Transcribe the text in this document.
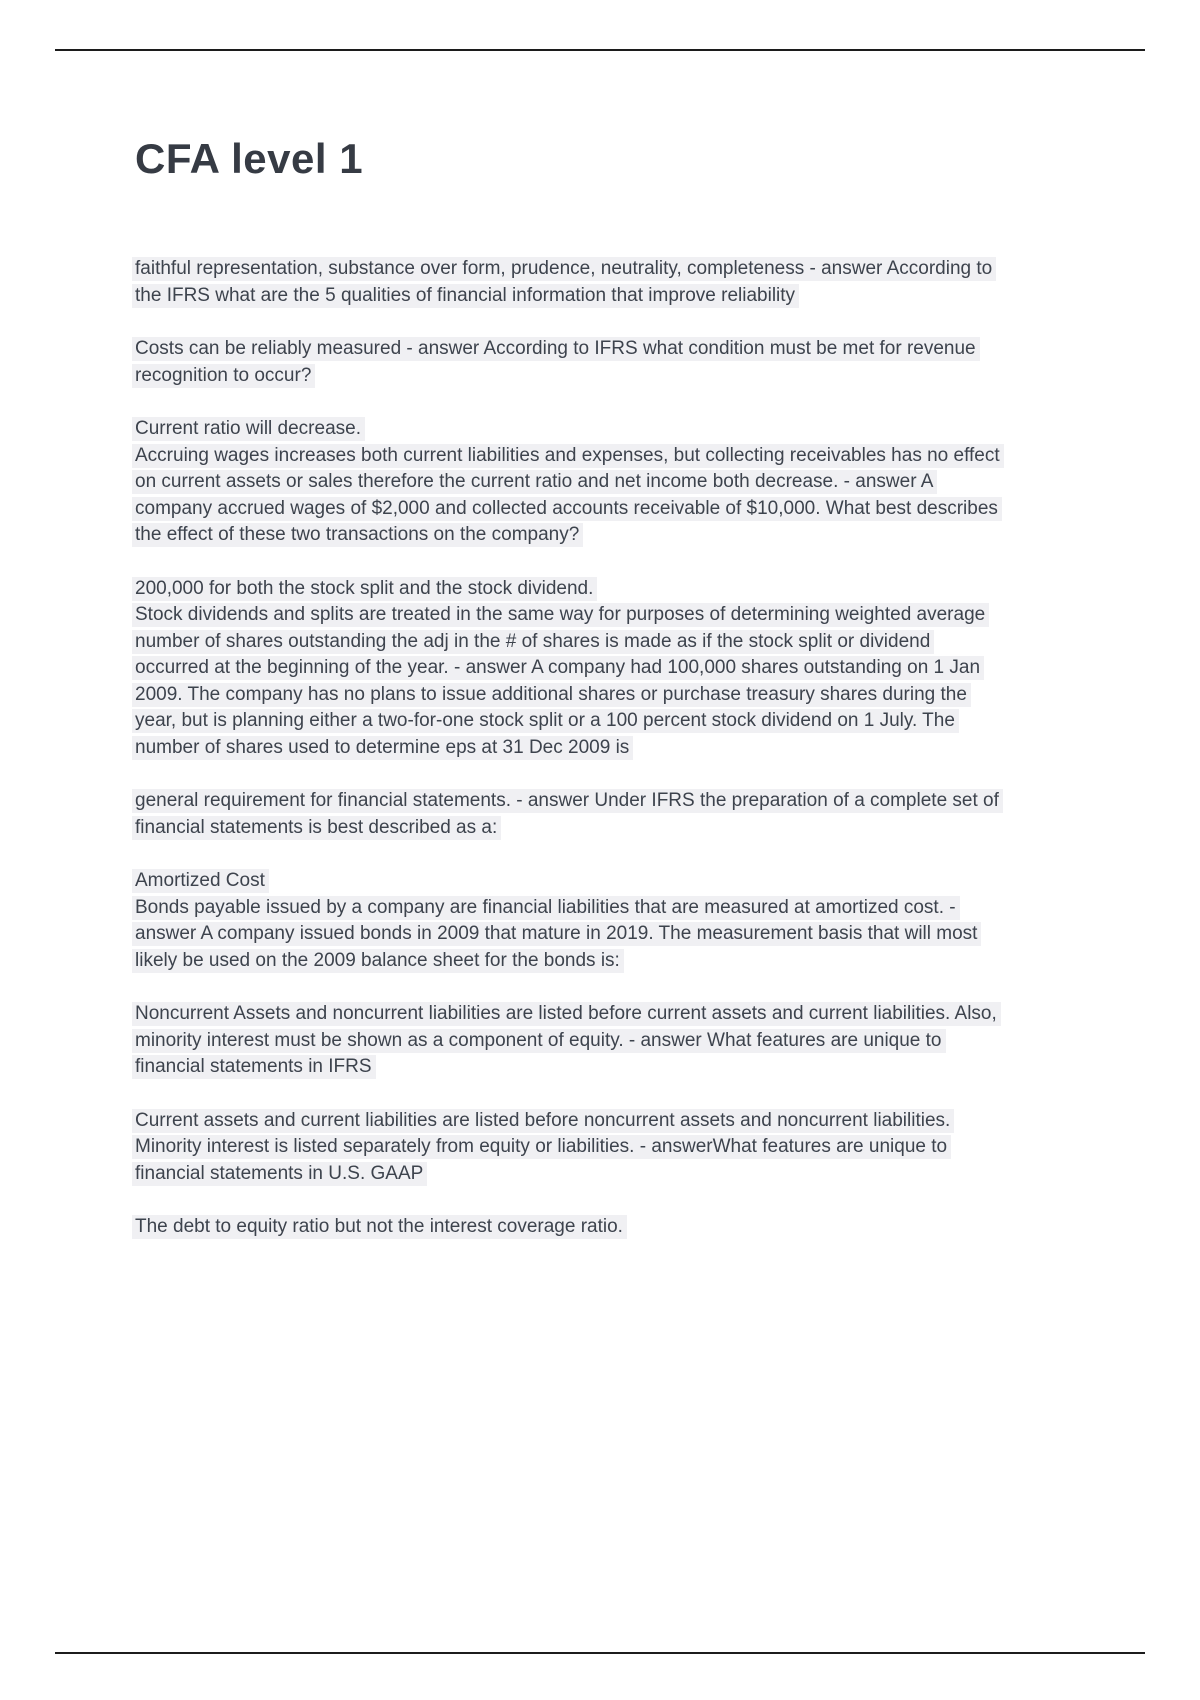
CFA level 1
faithful representation, substance over form, prudence, neutrality, completeness - answer According to the IFRS what are the 5 qualities of financial information that improve reliability
Costs can be reliably measured - answer According to IFRS what condition must be met for revenue recognition to occur?
Current ratio will decrease.
Accruing wages increases both current liabilities and expenses, but collecting receivables has no effect on current assets or sales therefore the current ratio and net income both decrease. - answer A company accrued wages of $2,000 and collected accounts receivable of $10,000. What best describes the effect of these two transactions on the company?
200,000 for both the stock split and the stock dividend.
Stock dividends and splits are treated in the same way for purposes of determining weighted average number of shares outstanding the adj in the # of shares is made as if the stock split or dividend occurred at the beginning of the year. - answer A company had 100,000 shares outstanding on 1 Jan 2009. The company has no plans to issue additional shares or purchase treasury shares during the year, but is planning either a two-for-one stock split or a 100 percent stock dividend on 1 July. The number of shares used to determine eps at 31 Dec 2009 is
general requirement for financial statements. - answer Under IFRS the preparation of a complete set of financial statements is best described as a:
Amortized Cost
Bonds payable issued by a company are financial liabilities that are measured at amortized cost. - answer A company issued bonds in 2009 that mature in 2019. The measurement basis that will most likely be used on the 2009 balance sheet for the bonds is:
Noncurrent Assets and noncurrent liabilities are listed before current assets and current liabilities. Also, minority interest must be shown as a component of equity. - answer What features are unique to financial statements in IFRS
Current assets and current liabilities are listed before noncurrent assets and noncurrent liabilities. Minority interest is listed separately from equity or liabilities. - answerWhat features are unique to financial statements in U.S. GAAP
The debt to equity ratio but not the interest coverage ratio.
